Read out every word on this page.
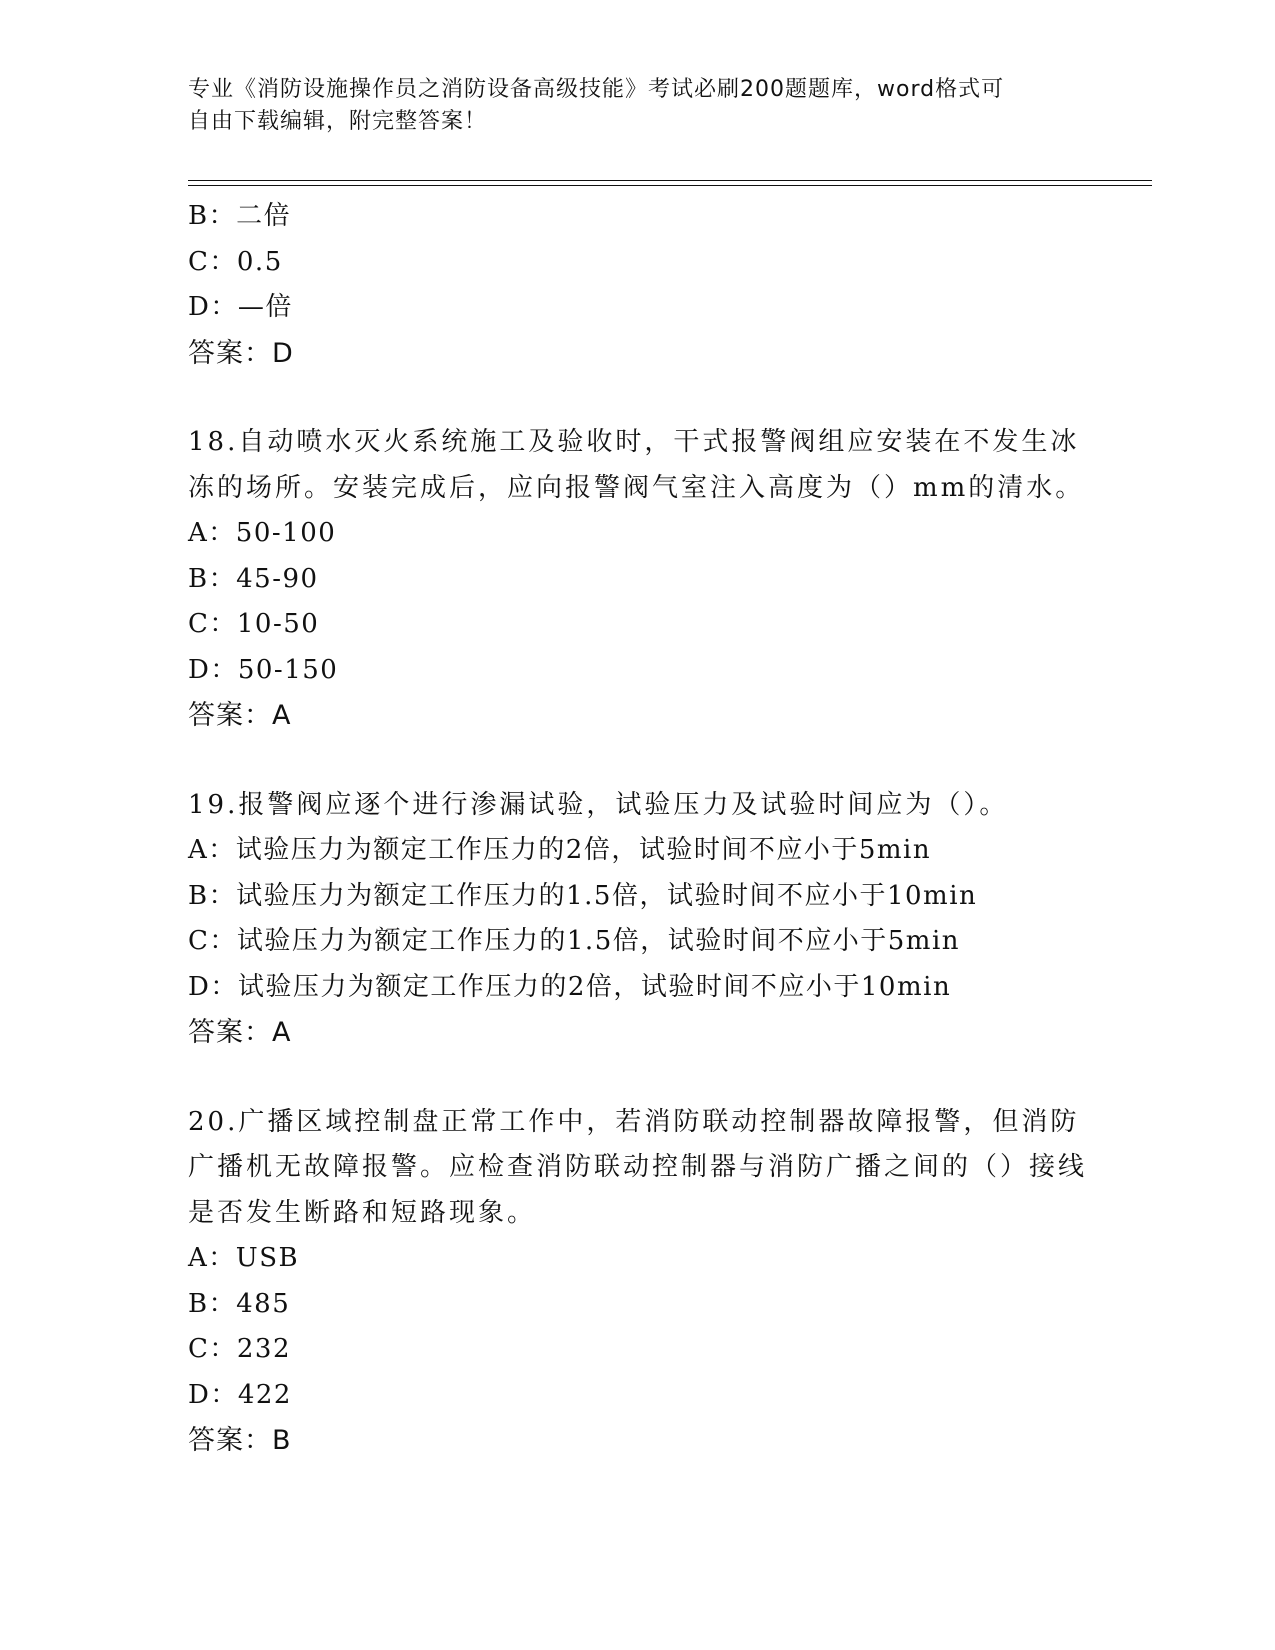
专业《消防设施操作员之消防设备高级技能》考试必刷200题题库，word格式可
自由下载编辑，附完整答案！
B：二倍
C：0.5
D：—倍
答案：D
18.自动喷水灭火系统施工及验收时，干式报警阀组应安装在不发生冰冻的场所。安装完成后，应向报警阀气室注入高度为（）mm的清水。
A：50-100
B：45-90
C：10-50
D：50-150
答案：A
19.报警阀应逐个进行渗漏试验，试验压力及试验时间应为（）。
A：试验压力为额定工作压力的2倍，试验时间不应小于5min
B：试验压力为额定工作压力的1.5倍，试验时间不应小于10min
C：试验压力为额定工作压力的1.5倍，试验时间不应小于5min
D：试验压力为额定工作压力的2倍，试验时间不应小于10min
答案：A
20.广播区域控制盘正常工作中，若消防联动控制器故障报警，但消防广播机无故障报警。应检查消防联动控制器与消防广播之间的（）接线是否发生断路和短路现象。
A：USB
B：485
C：232
D：422
答案：B
